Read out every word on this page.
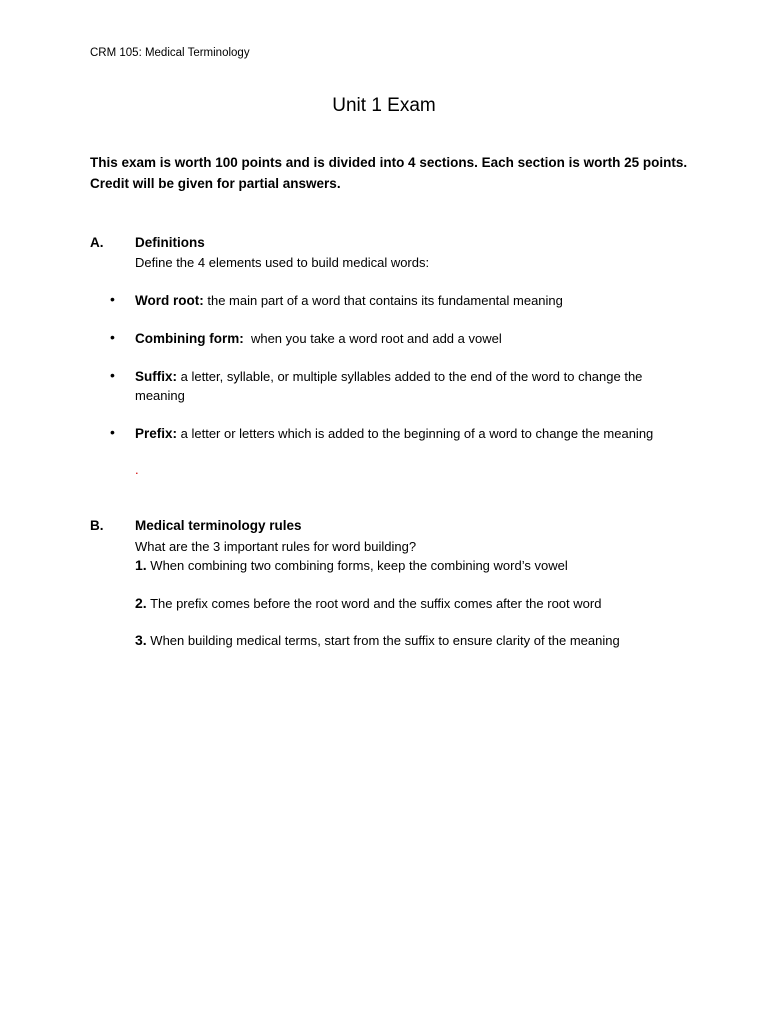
CRM 105: Medical Terminology
Unit 1 Exam
This exam is worth 100 points and is divided into 4 sections. Each section is worth 25 points.
Credit will be given for partial answers.
A. Definitions
Define the 4 elements used to build medical words:
• Word root: the main part of a word that contains its fundamental meaning
• Combining form:  when you take a word root and add a vowel
• Suffix: a letter, syllable, or multiple syllables added to the end of the word to change the meaning
• Prefix: a letter or letters which is added to the beginning of a word to change the meaning
.
B. Medical terminology rules
What are the 3 important rules for word building?
1. When combining two combining forms, keep the combining word’s vowel
2. The prefix comes before the root word and the suffix comes after the root word
3. When building medical terms, start from the suffix to ensure clarity of the meaning
